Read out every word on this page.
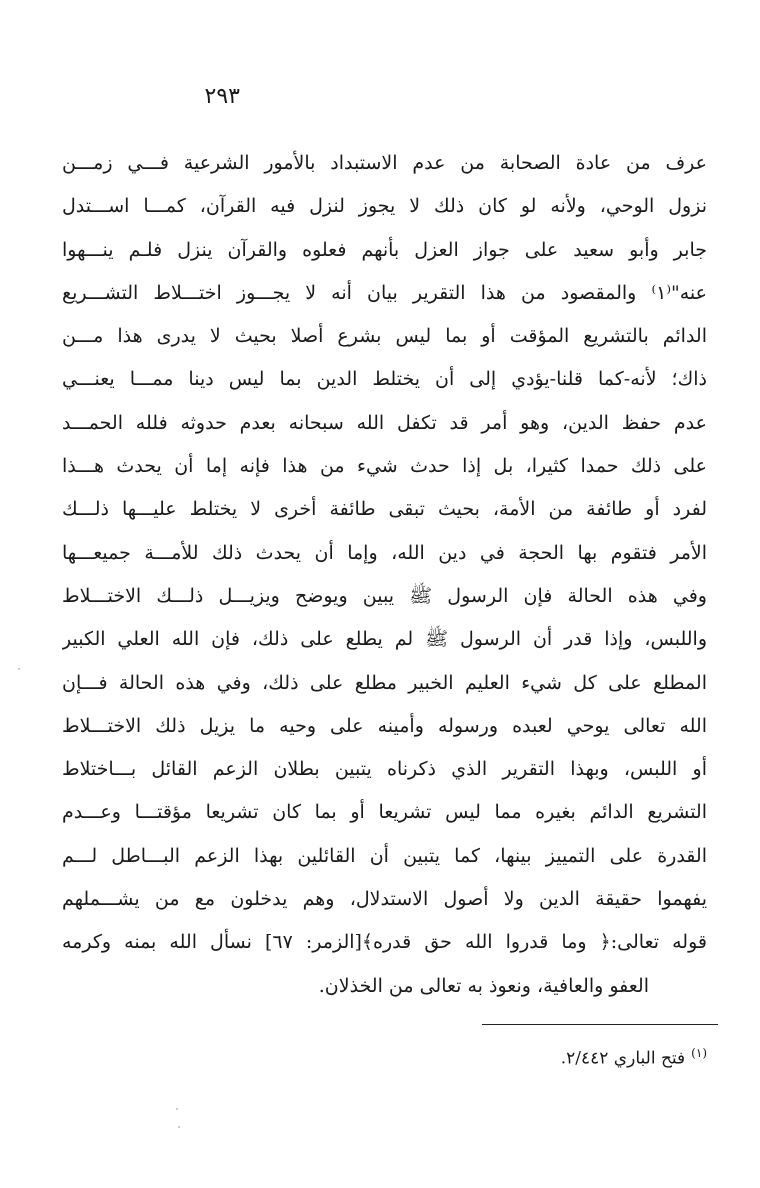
٢٩٣
عرف من عادة الصحابة من عدم الاستبداد بالأمور الشرعية فـــي زمـــن
نزول الوحي، ولأنه لو كان ذلك لا يجوز لنزل فيه القرآن، كمـــا اســـتدل
جابر وأبو سعيد على جواز العزل بأنهم فعلوه والقرآن ينزل فلـم ينـــهوا
عنه"⁽١⁾ والمقصود من هذا التقرير بيان أنه لا يجـــوز اختـــلاط التشـــريع
الدائم بالتشريع المؤقت أو بما ليس بشرع أصلا بحيث لا يدرى هذا مـــن
ذاك؛ لأنه-كما قلنا-يؤدي إلى أن يختلط الدين بما ليس دينا ممـــا يعنـــي
عدم حفظ الدين، وهو أمر قد تكفل الله سبحانه بعدم حدوثه فلله الحمـــد
على ذلك حمدا كثيرا، بل إذا حدث شيء من هذا فإنه إما أن يحدث هـــذا
لفرد أو طائفة من الأمة، بحيث تبقى طائفة أخرى لا يختلط عليـــها ذلـــك
الأمر فتقوم بها الحجة في دين الله، وإما أن يحدث ذلك للأمـــة جميعـــها
وفي هذه الحالة فإن الرسول ﷺ يبين ويوضح ويزيـــل ذلـــك الاختـــلاط
واللبس، وإذا قدر أن الرسول ﷺ لم يطلع على ذلك، فإن الله العلي الكبير
المطلع على كل شيء العليم الخبير مطلع على ذلك، وفي هذه الحالة فـــإن
الله تعالى يوحي لعبده ورسوله وأمينه على وحيه ما يزيل ذلك الاختـــلاط
أو اللبس، وبهذا التقرير الذي ذكرناه يتبين بطلان الزعم القائل بـــاختلاط
التشريع الدائم بغيره مما ليس تشريعا أو بما كان تشريعا مؤقتـــا وعـــدم
القدرة على التمييز بينها، كما يتبين أن القائلين بهذا الزعم البـــاطل لـــم
يفهموا حقيقة الدين ولا أصول الاستدلال، وهم يدخلون مع من يشـــملهم
قوله تعالى:﴿ وما قدروا الله حق قدره﴾[الزمر: ٦٧] نسأل الله بمنه وكرمه
العفو والعافية، ونعوذ به تعالى من الخذلان.
$^{(١)}$فتح الباري ٢/٤٤٢.
